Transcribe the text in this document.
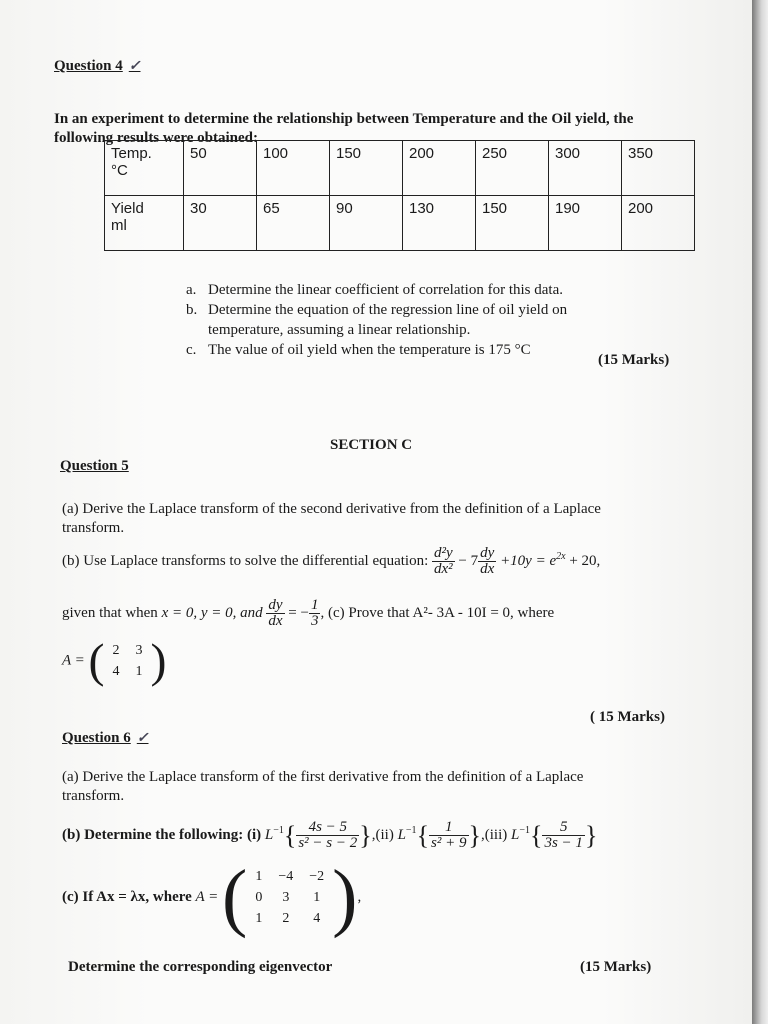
Question 4 ✓
In an experiment to determine the relationship between Temperature and the Oil yield, the
following results were obtained:
Temp.
°C	50	100	150	200	250	300	350

Yield
ml	30	65	90	130	150	190	200
a. Determine the linear coefficient of correlation for this data.
b. Determine the equation of the regression line of oil yield on
temperature, assuming a linear relationship.
c. The value of oil yield when the temperature is 175 °C
(15 Marks)
SECTION C
Question 5
(a) Derive the Laplace transform of the second derivative from the definition of a Laplace
transform.
(b) Use Laplace transforms to solve the differential equation: $\frac{\text{d²y}}{\text{dx²}} - 7 \frac{dy}{dx} +10y = e^{2x} + 20$,
given that when x = 0, y = 0, and $\frac{dy}{dx}$ = − $\frac{1}{3}$ , (c) Prove that A²- 3A - 10I = 0, where
A = ( 2	3
4	1 )
( 15 Marks)
Question 6 ✓
(a) Derive the Laplace transform of the first derivative from the definition of a Laplace
transform.
(b) Determine the following: (i) $L^{-1}\{ \frac{4s - 5}{\text{s² − s − 2}} \},(ii)$ $L^{-1}\{ \frac{1}{\text{s² + 9}} \},(iii)$ $L^{-1}\{ \frac{5}{3s - 1}$ }
(c) If Ax = λx, where A = ( 1	−4	−2
0	3	1
1	2	4 ),
Determine the corresponding eigenvector	(15 Marks)
